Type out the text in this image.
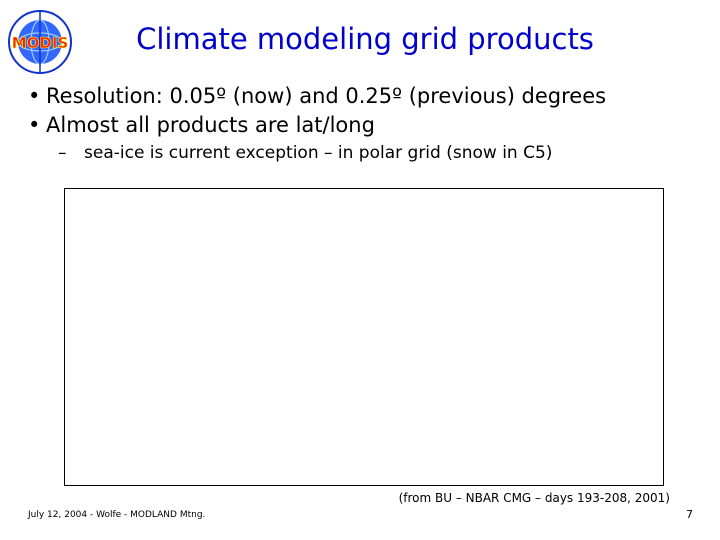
MODIS	Climate modeling grid products
• Resolution: 0.05º (now) and 0.25º (previous) degrees
• Almost all products are lat/long
– sea-ice is current exception – in polar grid (snow in C5)
(from BU – NBAR CMG – days 193-208, 2001)
July 12, 2004 - Wolfe - MODLAND Mtng.	7
